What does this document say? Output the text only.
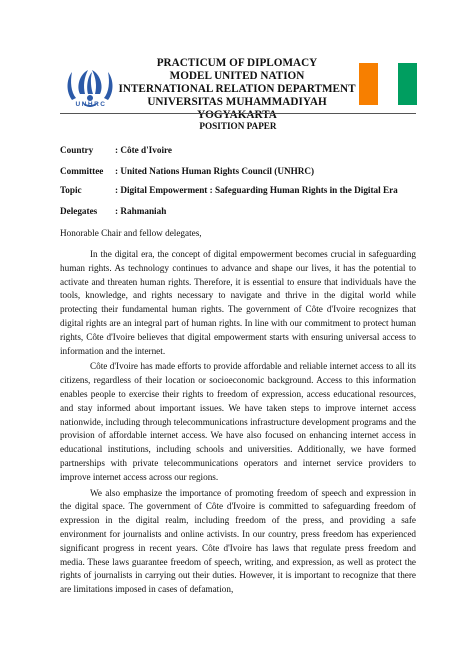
UNHRC
PRACTICUM OF DIPLOMACY
MODEL UNITED NATION
INTERNATIONAL RELATION DEPARTMENT
UNIVERSITAS MUHAMMADIYAH YOGYAKARTA
POSITION PAPER
Country : Côte d'Ivoire
Committee : United Nations Human Rights Council (UNHRC)
Topic	: Digital Empowerment : Safeguarding Human Rights in the Digital Era
Delegates : Rahmaniah
Honorable Chair and fellow delegates,

In the digital era, the concept of digital empowerment becomes crucial in safeguarding human rights. As technology continues to advance and shape our lives, it has the potential to activate and threaten human rights. Therefore, it is essential to ensure that individuals have the tools, knowledge, and rights necessary to navigate and thrive in the digital world while protecting their fundamental human rights. The government of Côte d'Ivoire recognizes that digital rights are an integral part of human rights. In line with our commitment to protect human rights, Côte d'Ivoire believes that digital empowerment starts with ensuring universal access to information and the internet.

Côte d'Ivoire has made efforts to provide affordable and reliable internet access to all its citizens, regardless of their location or socioeconomic background. Access to this information enables people to exercise their rights to freedom of expression, access educational resources, and stay informed about important issues. We have taken steps to improve internet access nationwide, including through telecommunications infrastructure development programs and the provision of affordable internet access. We have also focused on enhancing internet access in educational institutions, including schools and universities. Additionally, we have formed partnerships with private telecommunications operators and internet service providers to improve internet access across our regions.

We also emphasize the importance of promoting freedom of speech and expression in the digital space. The government of Côte d'Ivoire is committed to safeguarding freedom of expression in the digital realm, including freedom of the press, and providing a safe environment for journalists and online activists. In our country, press freedom has experienced significant progress in recent years. Côte d'Ivoire has laws that regulate press freedom and media. These laws guarantee freedom of speech, writing, and expression, as well as protect the rights of journalists in carrying out their duties. However, it is important to recognize that there are limitations imposed in cases of defamation,
